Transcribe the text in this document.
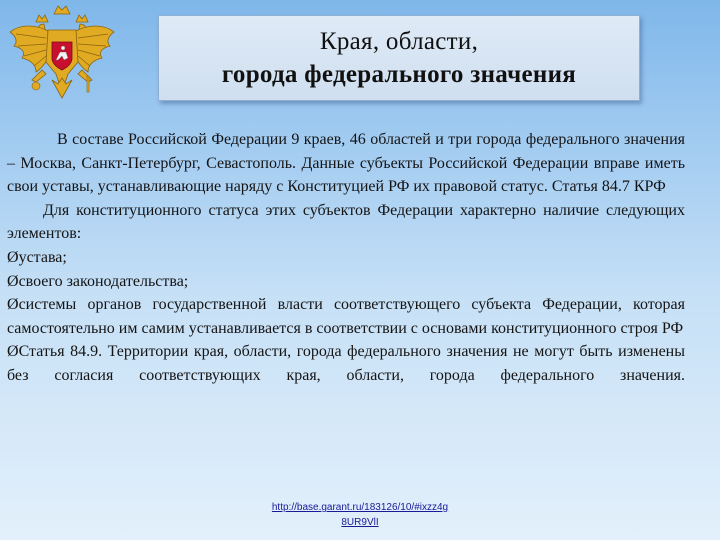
Края, области,
города федерального значения

В составе Российской Федерации 9 краев, 46 областей и три города федерального значения – Москва, Санкт-Петербург, Севастополь. Данные субъекты Российской Федерации вправе иметь свои уставы, устанавливающие наряду с Конституцией РФ их правовой статус. Статья 84.7 КРФ

Для конституционного статуса этих субъектов Федерации характерно наличие следующих элементов:

Ø устава;

Ø своего законодательства;

Ø системы органов государственной власти соответствующего субъекта Федерации, которая самостоятельно им самим устанавливается в соответствии с основами конституционного строя РФ

Ø Статья 84.9. Территории края, области, города федерального значения не могут быть изменены без согласия соответствующих края, области, города федерального значения.

http://base.garant.ru/183126/10/#ixzz4g
8UR9VlI
